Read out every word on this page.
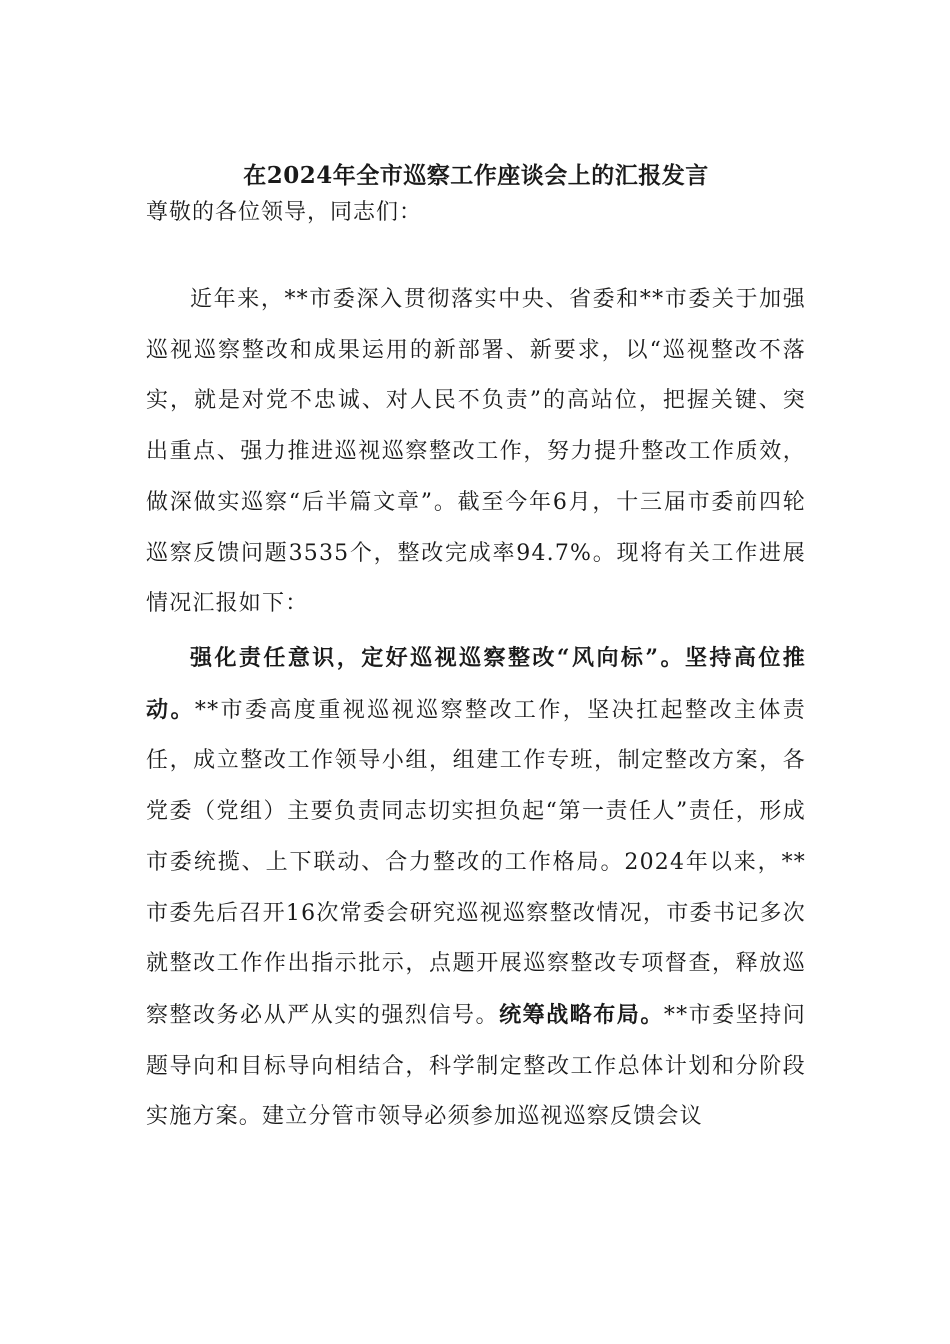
在2024年全市巡察工作座谈会上的汇报发言
尊敬的各位领导，同志们：

近年来，**市委深入贯彻落实中央、省委和**市委关于加强巡视巡察整改和成果运用的新部署、新要求，以“巡视整改不落实，就是对党不忠诚、对人民不负责”的高站位，把握关键、突出重点、强力推进巡视巡察整改工作，努力提升整改工作质效，做深做实巡察“后半篇文章”。截至今年6月，十三届市委前四轮巡察反馈问题3535个，整改完成率94.7%。现将有关工作进展情况汇报如下：

强化责任意识，定好巡视巡察整改“风向标”。坚持高位推动。**市委高度重视巡视巡察整改工作，坚决扛起整改主体责任，成立整改工作领导小组，组建工作专班，制定整改方案，各党委（党组）主要负责同志切实担负起“第一责任人”责任，形成市委统揽、上下联动、合力整改的工作格局。2024年以来，**市委先后召开16次常委会研究巡视巡察整改情况，市委书记多次就整改工作作出指示批示，点题开展巡察整改专项督查，释放巡察整改务必从严从实的强烈信号。统筹战略布局。**市委坚持问题导向和目标导向相结合，科学制定整改工作总体计划和分阶段实施方案。建立分管市领导必须参加巡视巡察反馈会议
